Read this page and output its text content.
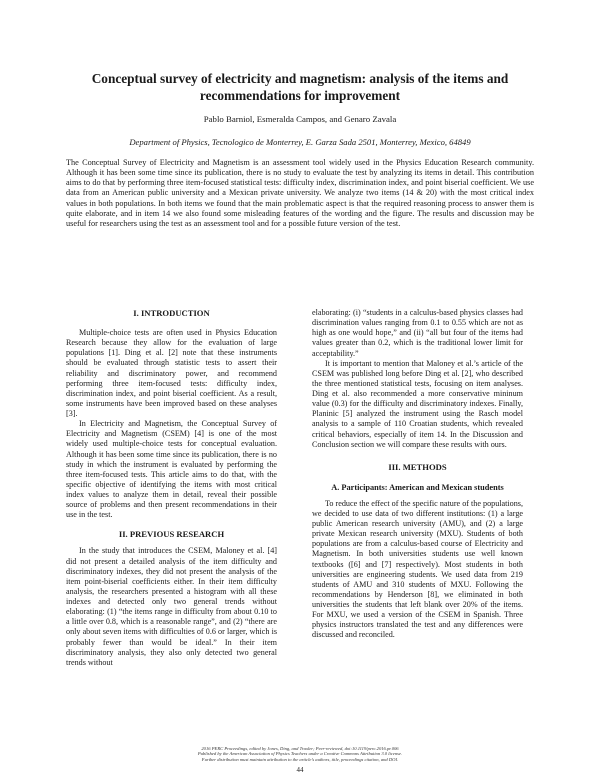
Conceptual survey of electricity and magnetism: analysis of the items and recommendations for improvement

Pablo Barniol, Esmeralda Campos, and Genaro Zavala

Department of Physics, Tecnologico de Monterrey, E. Garza Sada 2501, Monterrey, Mexico, 64849

The Conceptual Survey of Electricity and Magnetism is an assessment tool widely used in the Physics Education Research community. Although it has been some time since its publication, there is no study to evaluate the test by analyzing its items in detail. This contribution aims to do that by performing three item-focused statistical tests: difficulty index, discrimination index, and point biserial coefficient. We use data from an American public university and a Mexican private university. We analyze two items (14 & 20) with the most critical index values in both populations. In both items we found that the main problematic aspect is that the required reasoning process to answer them is quite elaborate, and in item 14 we also found some misleading features of the wording and the figure. The results and discussion may be useful for researchers using the test as an assessment tool and for a possible future version of the test.

I. INTRODUCTION

Multiple-choice tests are often used in Physics Education Research because they allow for the evaluation of large populations [1]. Ding et al. [2] note that these instruments should be evaluated through statistic tests to assert their reliability and discriminatory power, and recommend performing three item-focused tests: difficulty index, discrimination index, and point biserial coefficient. As a result, some instruments have been improved based on these analyses [3].

In Electricity and Magnetism, the Conceptual Survey of Electricity and Magnetism (CSEM) [4] is one of the most widely used multiple-choice tests for conceptual evaluation. Although it has been some time since its publication, there is no study in which the instrument is evaluated by performing the three item-focused tests. This article aims to do that, with the specific objective of identifying the items with most critical index values to analyze them in detail, reveal their possible source of problems and then present recommendations in their use in the test.

II. PREVIOUS RESEARCH

In the study that introduces the CSEM, Maloney et al. [4] did not present a detailed analysis of the item difficulty and discriminatory indexes, they did not present the analysis of the item point-biserial coefficients either. In their item difficulty analysis, the researchers presented a histogram with all these indexes and detected only two general trends without elaborating: (1) “the items range in difficulty from about 0.10 to a little over 0.8, which is a reasonable range”, and (2) “there are only about seven items with difficulties of 0.6 or larger, which is probably fewer than would be ideal.” In their item discriminatory analysis, they also only detected two general trends without

elaborating: (i) “students in a calculus-based physics classes had discrimination values ranging from 0.1 to 0.55 which are not as high as one would hope,” and (ii) “all but four of the items had values greater than 0.2, which is the traditional lower limit for acceptability.”

It is important to mention that Maloney et al.’s article of the CSEM was published long before Ding et al. [2], who described the three mentioned statistical tests, focusing on item analyses. Ding et al. also recommended a more conservative mininum value (0.3) for the difficulty and discriminatory indexes. Finally, Planinic [5] analyzed the instrument using the Rasch model analysis to a sample of 110 Croatian students, which revealed critical behaviors, especially of item 14. In the Discussion and Conclusion section we will compare these results with ours.

III. METHODS
A. Participants: American and Mexican students

To reduce the effect of the specific nature of the populations, we decided to use data of two different institutions: (1) a large public American research university (AMU), and (2) a large private Mexican research university (MXU). Students of both populations are from a calculus-based course of Electricity and Magnetism. In both universities students use well known textbooks ([6] and [7] respectively). Most students in both universities are engineering students. We used data from 219 students of AMU and 310 students of MXU. Following the recommendations by Henderson [8], we eliminated in both universities the students that left blank over 20% of the items. For MXU, we used a version of the CSEM in Spanish. Three physics instructors translated the test and any differences were discussed and reconciled.

2016 PERC Proceedings, edited by Jones, Ding, and Traxler; Peer-reviewed, doi:10.1119/perc.2016.pr.006
Published by the American Association of Physics Teachers under a Creative Commons Attribution 3.0 license.
Further distribution must maintain attribution to the article’s authors, title, proceedings citation, and DOI.

44
